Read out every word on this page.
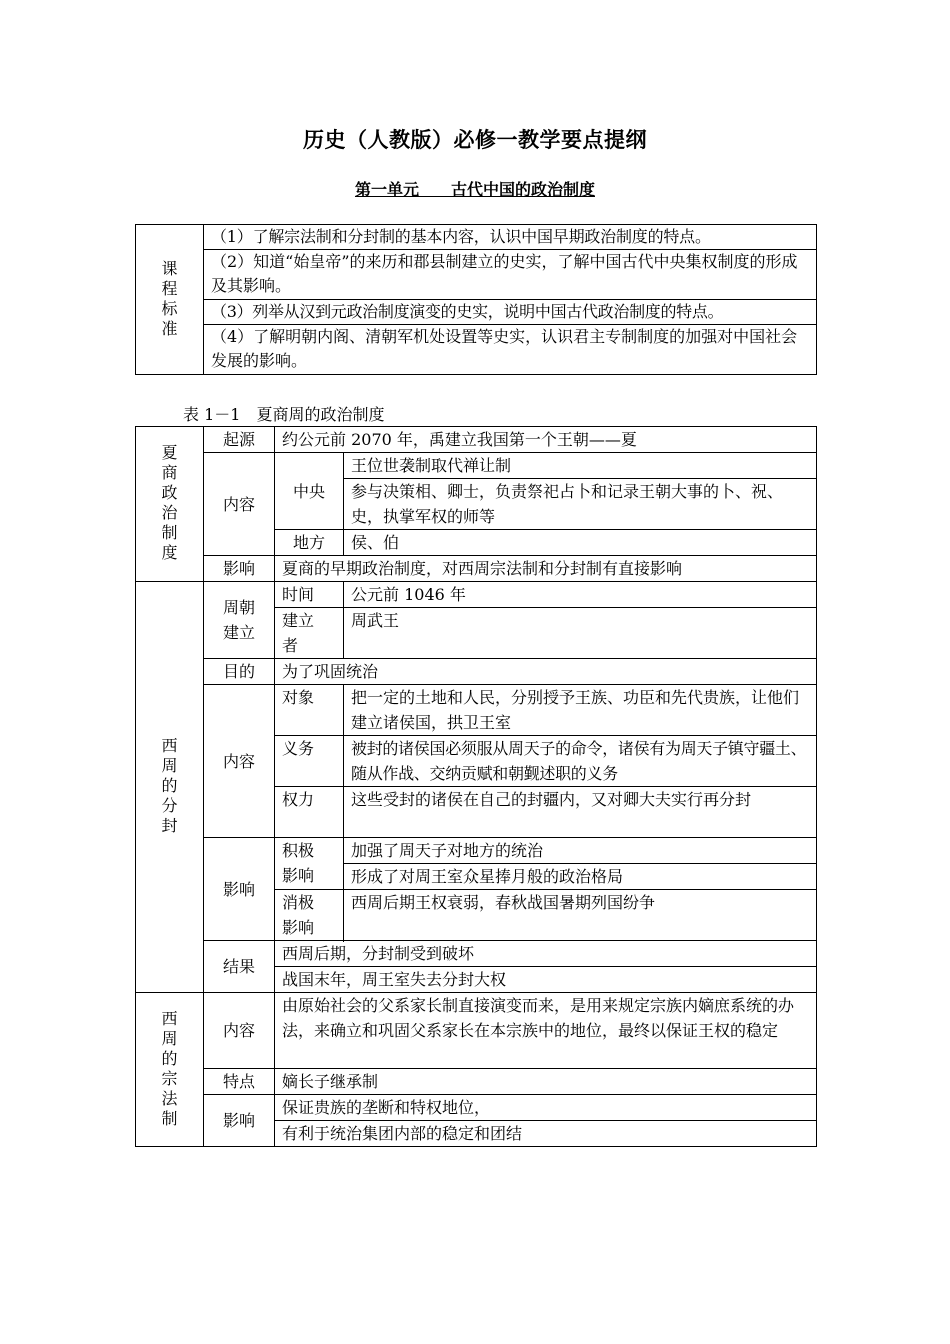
历史（人教版）必修一教学要点提纲
第一单元　　古代中国的政治制度
课程标准	（1）了解宗法制和分封制的基本内容，认识中国早期政治制度的特点。
（2）知道“始皇帝”的来历和郡县制建立的史实，了解中国古代中央集权制度的形成及其影响。
（3）列举从汉到元政治制度演变的史实，说明中国古代政治制度的特点。
（4）了解明朝内阁、清朝军机处设置等史实，认识君主专制制度的加强对中国社会发展的影响。
表 1－1　夏商周的政治制度
夏商政治制度	起源	约公元前 2070 年，禹建立我国第一个王朝——夏	
	内容	中央	王位世袭制取代禅让制
			参与决策相、卿士，负责祭祀占卜和记录王朝大事的卜、祝、史，执掌军权的师等
		地方	侯、伯

	影响	夏商的早期政治制度，对西周宗法制和分封制有直接影响	
西周的分封	周朝建立	时间	公元前 1046 年
		建立者	周武王
	目的	为了巩固统治	
	内容	对象	把一定的土地和人民，分别授予王族、功臣和先代贵族，让他们建立诸侯国，拱卫王室
		义务	被封的诸侯国必须服从周天子的命令，诸侯有为周天子镇守疆土、随从作战、交纳贡赋和朝觐述职的义务
		权力	这些受封的诸侯在自己的封疆内，又对卿大夫实行再分封
	影响	积极影响	加强了周天子对地方的统治
			形成了对周王室众星捧月般的政治格局
		消极影响	西周后期王权衰弱，春秋战国暑期列国纷争

	结果	西周后期，分封制受到破坏	
		战国末年，周王室失去分封大权	
西周的宗法制	内容	由原始社会的父系家长制直接演变而来，是用来规定宗族内嫡庶系统的办法，来确立和巩固父系家长在本宗族中的地位，最终以保证王权的稳定	
	特点	嫡长子继承制	
	影响	保证贵族的垄断和特权地位，	
		有利于统治集团内部的稳定和团结	
